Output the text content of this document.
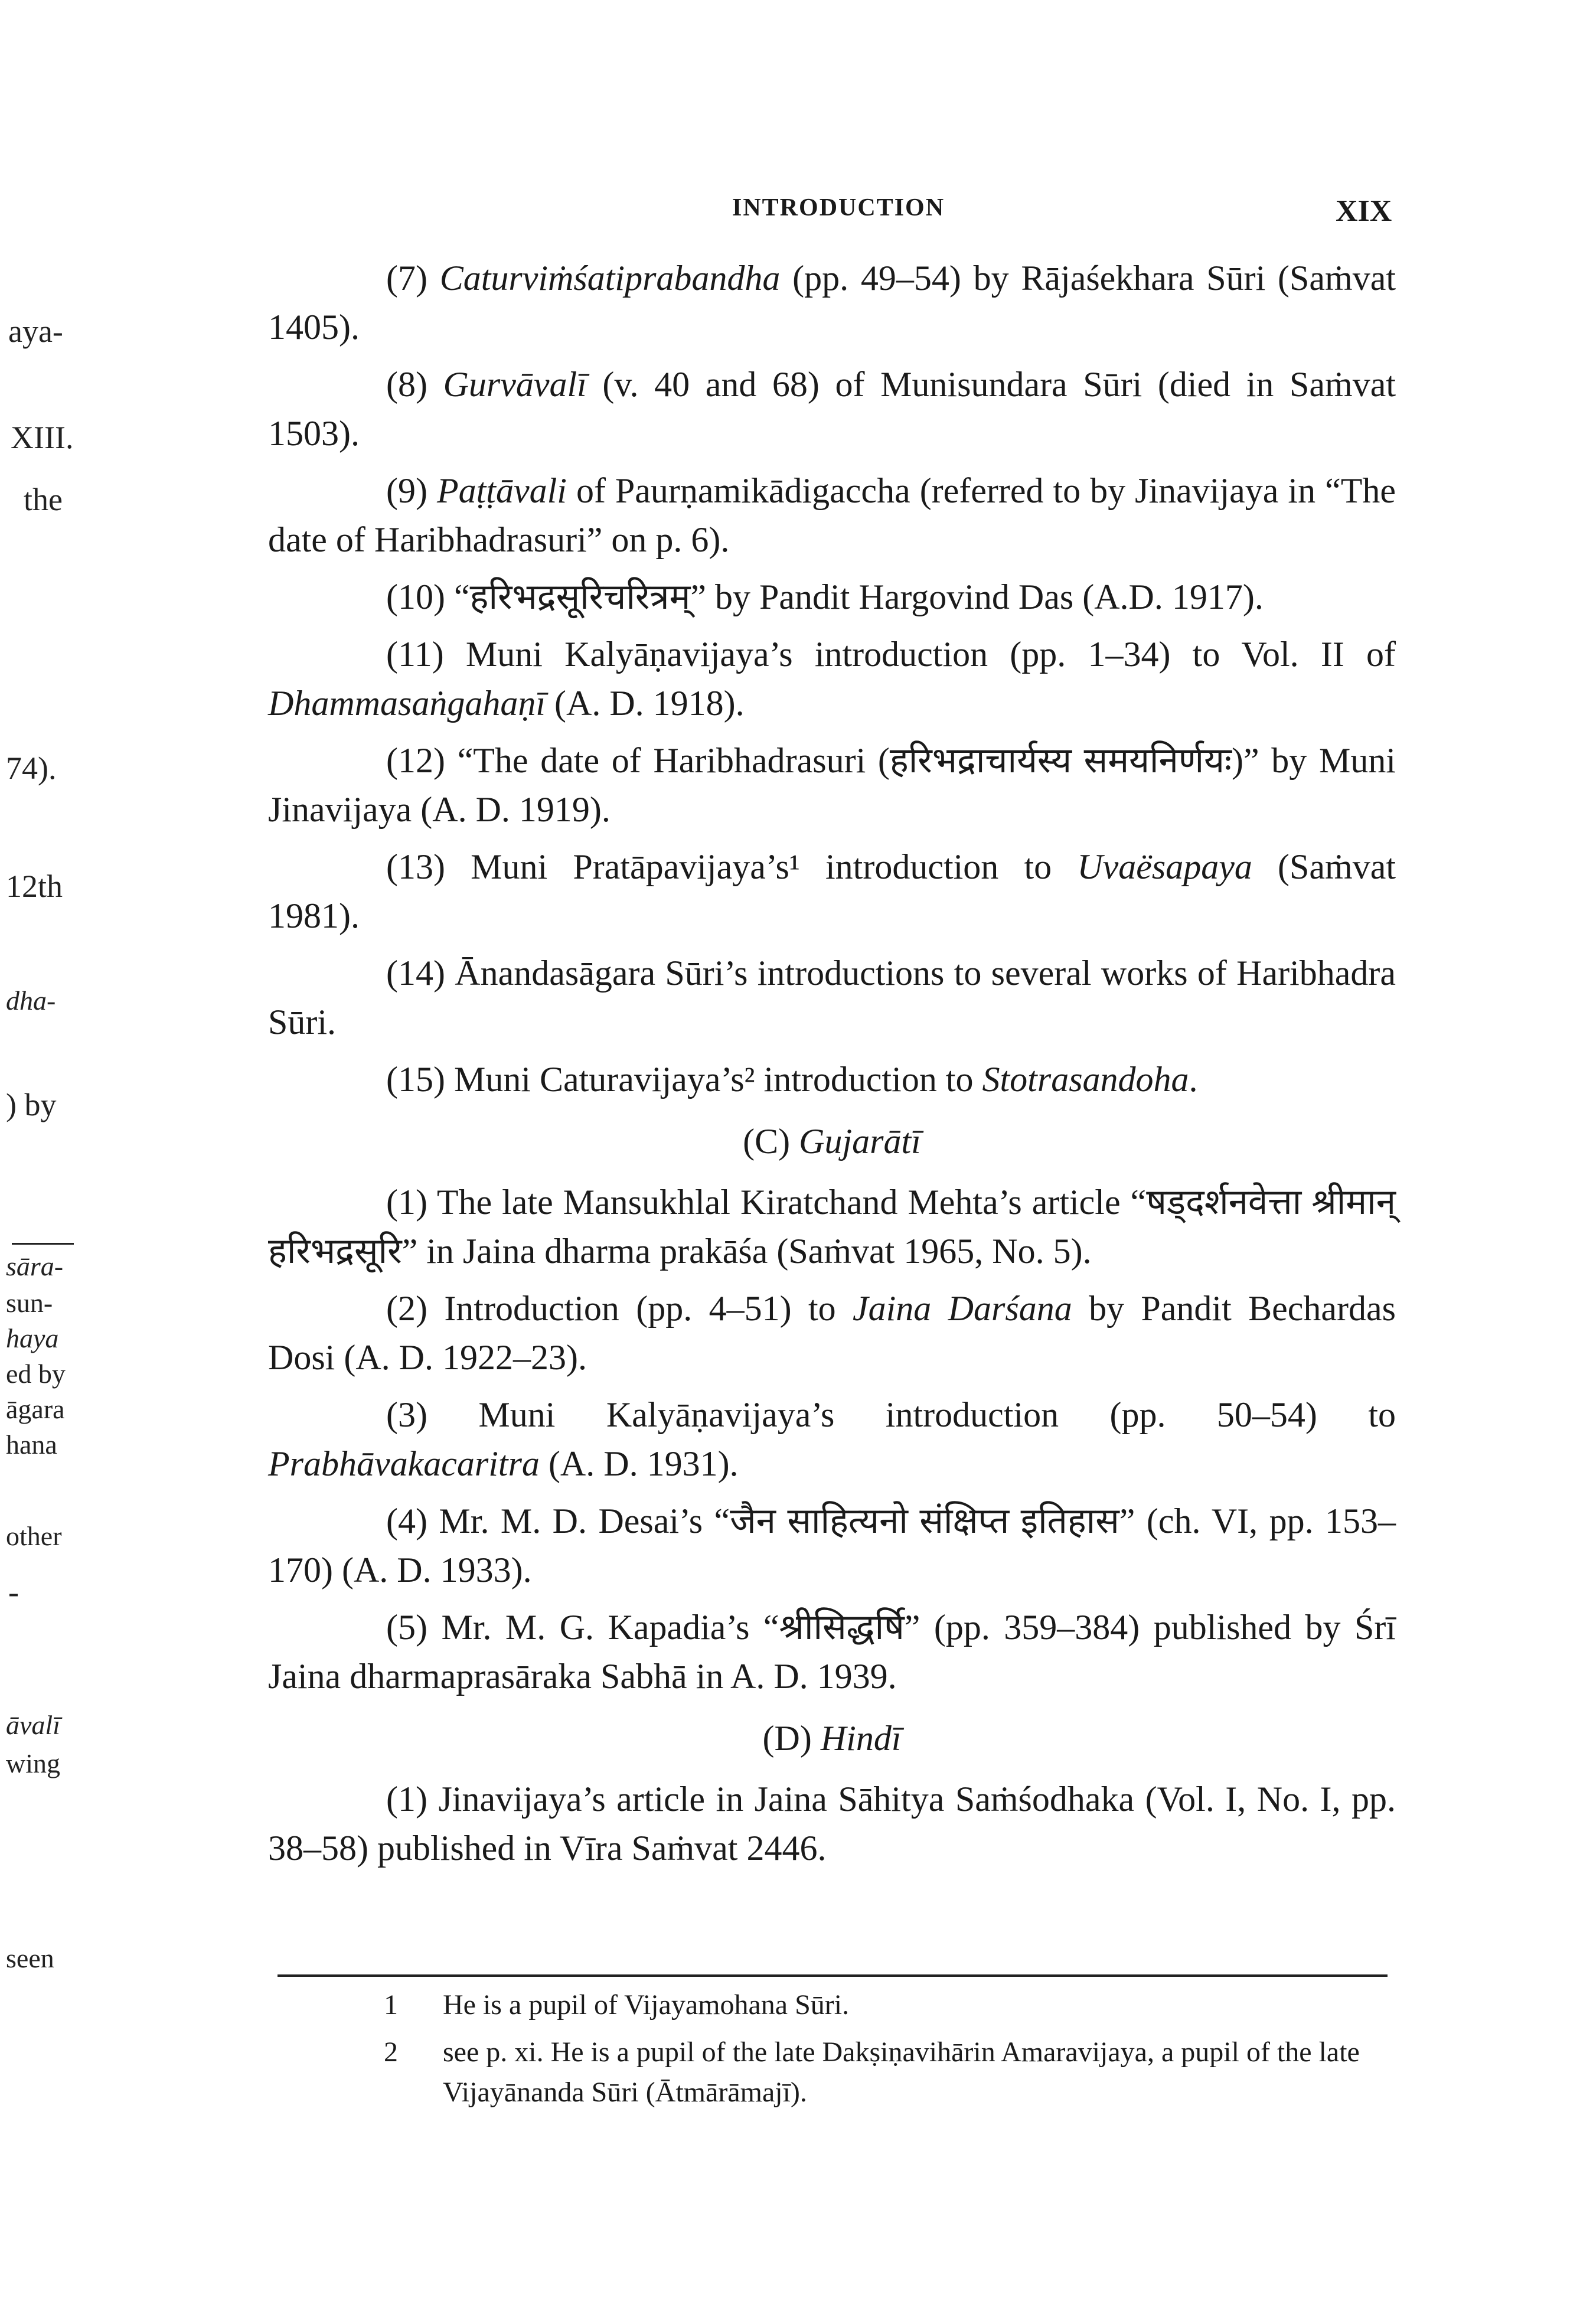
aya-
XIII.
the
74).
12th
dha-
) by
sāra-
sun-
haya
ed by
āgara
hana
other
-
āvalī
wing
seen
INTRODUCTION	XIX

(7) Caturviṁśatiprabandha (pp. 49–54) by Rājaśekhara Sūri (Saṁvat 1405).

(8) Gurvāvalī (v. 40 and 68) of Munisundara Sūri (died in Saṁvat 1503).

(9) Paṭṭāvali of Paurṇamikādigaccha (referred to by Jinavijaya in “The date of Haribhadrasuri” on p. 6).

(10) “हरिभद्रसूरिचरित्रम्” by Pandit Hargovind Das (A.D. 1917).

(11) Muni Kalyāṇavijaya’s introduction (pp. 1–34) to Vol. II of Dhammasaṅgahaṇī (A. D. 1918).

(12) “The date of Haribhadrasuri (हरिभद्राचार्यस्य समयनिर्णयः)” by Muni Jinavijaya (A. D. 1919).

(13) Muni Pratāpavijaya’s¹ introduction to Uvaësapaya (Saṁvat 1981).

(14) Ānandasāgara Sūri’s introductions to several works of Haribhadra Sūri.

(15) Muni Caturavijaya’s² introduction to Stotrasandoha.

(C) Gujarātī

(1) The late Mansukhlal Kiratchand Mehta’s article “षड्दर्शनवेत्ता श्रीमान् हरिभद्रसूरि” in Jaina dharma prakāśa (Saṁvat 1965, No. 5).

(2) Introduction (pp. 4–51) to Jaina Darśana by Pandit Bechardas Dosi (A. D. 1922–23).

(3) Muni Kalyāṇavijaya’s introduction (pp. 50–54) to Prabhāvakacaritra (A. D. 1931).

(4) Mr. M. D. Desai’s “जैन साहित्यनो संक्षिप्त इतिहास” (ch. VI, pp. 153–170) (A. D. 1933).

(5) Mr. M. G. Kapadia’s “श्रीसिद्धर्षि” (pp. 359–384) published by Śrī Jaina dharmaprasāraka Sabhā in A. D. 1939.

(D) Hindī

(1) Jinavijaya’s article in Jaina Sāhitya Saṁśodhaka (Vol. I, No. I, pp. 38–58) published in Vīra Saṁvat 2446.

1 He is a pupil of Vijayamohana Sūri.
2 see p. xi. He is a pupil of the late Dakṣiṇavihārin Amaravijaya, a pupil of the late Vijayānanda Sūri (Ātmārāmajī).
